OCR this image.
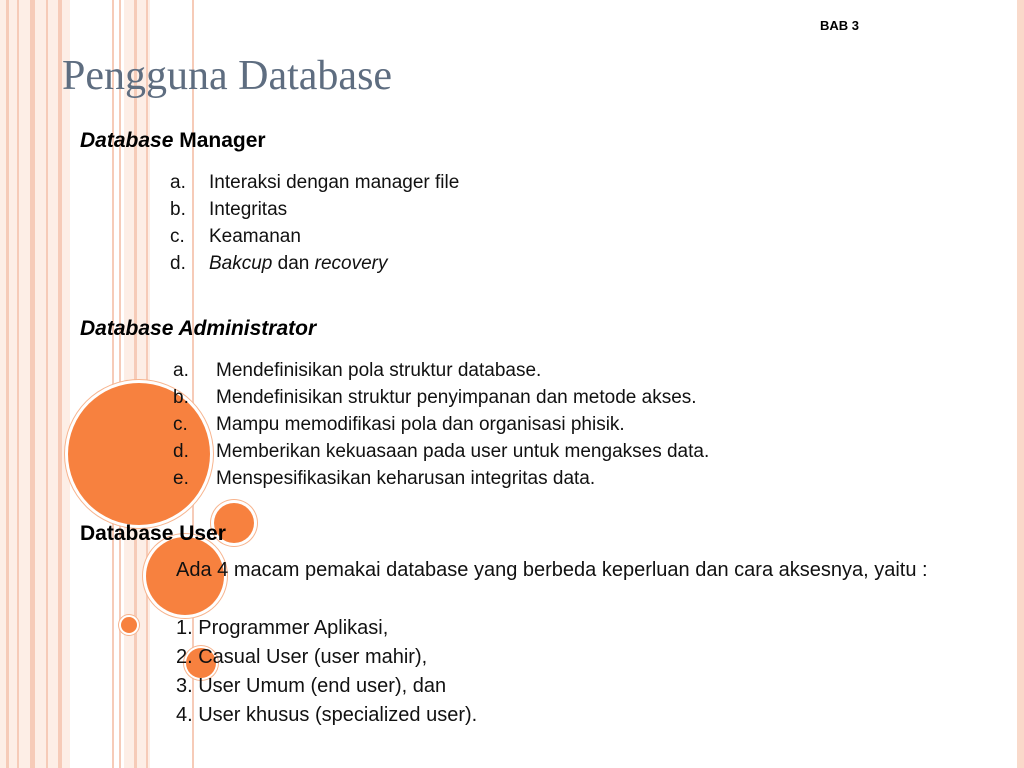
BAB 3
Pengguna Database
Database Manager
a. Interaksi dengan manager file
b. Integritas
c. Keamanan
d. Bakcup dan recovery
Database Administrator
a. Mendefinisikan pola struktur database.
b. Mendefinisikan struktur penyimpanan dan metode akses.
c. Mampu memodifikasi pola dan organisasi phisik.
d. Memberikan kekuasaan pada user untuk mengakses data.
e. Menspesifikasikan keharusan integritas data.
Database User

Ada 4 macam pemakai database yang berbeda keperluan dan cara aksesnya, yaitu :

1. Programmer Aplikasi,
2. Casual User (user mahir),
3. User Umum (end user), dan
4. User khusus (specialized user).
